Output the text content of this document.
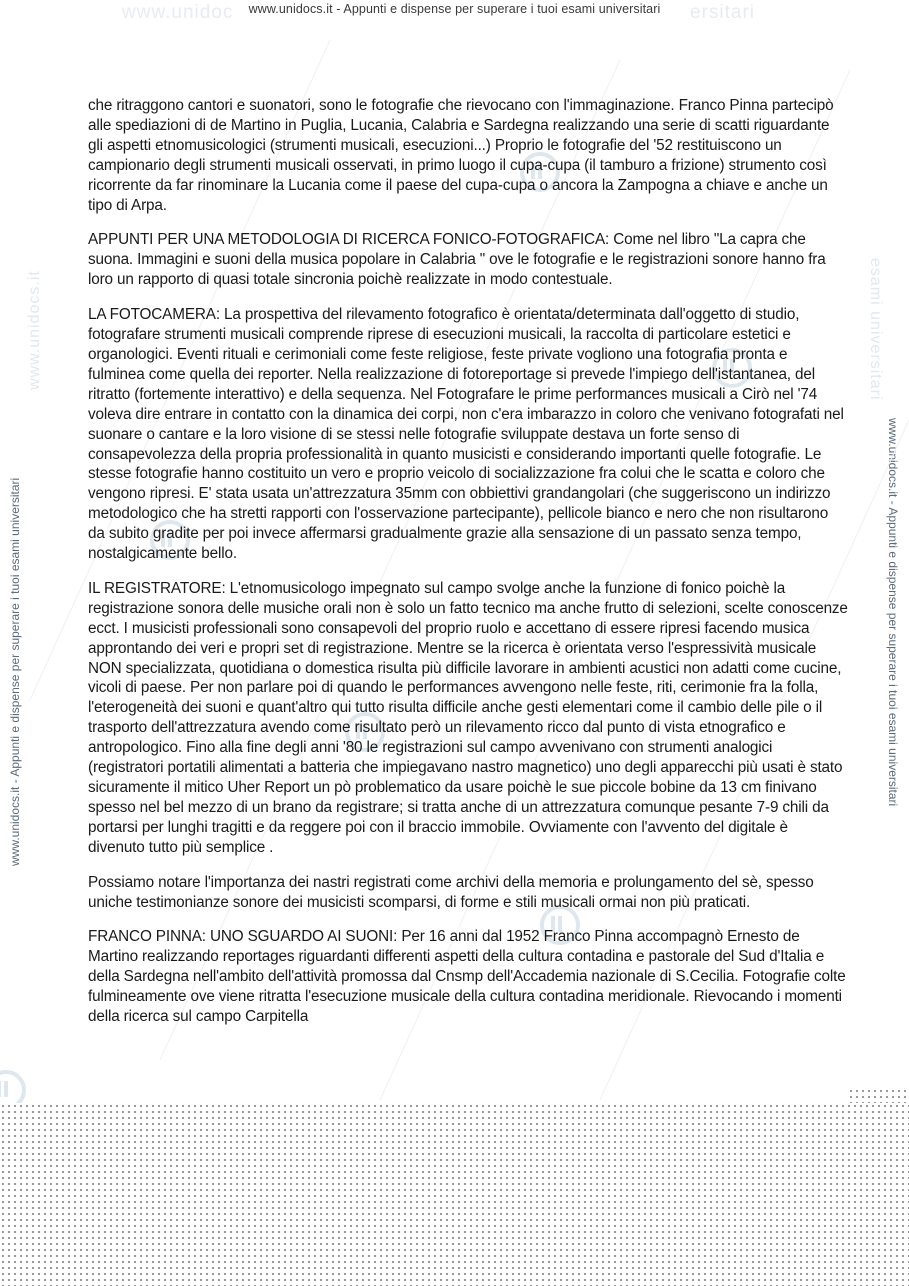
www.unidoc	ersitari
www.unidocs.it - Appunti e dispense per superare i tuoi esami universitari
www.unidocs.it	esami universitari
www.unidocs.it - Appunti e dispense per superare i tuoi esami universitari	www.unidocs.it - Appunti e dispense per superare i tuoi esami universitari

che ritraggono cantori e suonatori, sono le fotografie che rievocano con l'immaginazione. Franco Pinna partecipò alle spediazioni di de Martino in Puglia, Lucania, Calabria e Sardegna realizzando una serie di scatti riguardante gli aspetti etnomusicologici (strumenti musicali, esecuzioni...) Proprio le fotografie del '52 restituiscono un campionario degli strumenti musicali osservati, in primo luogo il cupa-cupa (il tamburo a frizione) strumento così ricorrente da far rinominare la Lucania come il paese del cupa-cupa o ancora la Zampogna a chiave e anche un tipo di Arpa.

APPUNTI PER UNA METODOLOGIA DI RICERCA FONICO-FOTOGRAFICA: Come nel libro "La capra che suona. Immagini e suoni della musica popolare in Calabria " ove le fotografie e le registrazioni sonore hanno fra loro un rapporto di quasi totale sincronia poichè realizzate in modo contestuale.

LA FOTOCAMERA: La prospettiva del rilevamento fotografico è orientata/determinata dall'oggetto di studio, fotografare strumenti musicali comprende riprese di esecuzioni musicali, la raccolta di particolare estetici e organologici. Eventi rituali e cerimoniali come feste religiose, feste private vogliono una fotografia pronta e fulminea come quella dei reporter. Nella realizzazione di fotoreportage si prevede l'impiego dell'istantanea, del ritratto (fortemente interattivo) e della sequenza. Nel Fotografare le prime performances musicali a Cirò nel '74 voleva dire entrare in contatto con la dinamica dei corpi, non c'era imbarazzo in coloro che venivano fotografati nel suonare o cantare e la loro visione di se stessi nelle fotografie sviluppate destava un forte senso di consapevolezza della propria professionalità in quanto musicisti e considerando importanti quelle fotografie. Le stesse fotografie hanno costituito un vero e proprio veicolo di socializzazione fra colui che le scatta e coloro che vengono ripresi. E' stata usata un'attrezzatura 35mm con obbiettivi grandangolari (che suggeriscono un indirizzo metodologico che ha stretti rapporti con l'osservazione partecipante), pellicole bianco e nero che non risultarono da subito gradite per poi invece affermarsi gradualmente grazie alla sensazione di un passato senza tempo, nostalgicamente bello.

IL REGISTRATORE: L'etnomusicologo impegnato sul campo svolge anche la funzione di fonico poichè la registrazione sonora delle musiche orali non è solo un fatto tecnico ma anche frutto di selezioni, scelte conoscenze ecct. I musicisti professionali sono consapevoli del proprio ruolo e accettano di essere ripresi facendo musica approntando dei veri e propri set di registrazione. Mentre se la ricerca è orientata verso l'espressività musicale NON specializzata, quotidiana o domestica risulta più difficile lavorare in ambienti acustici non adatti come cucine, vicoli di paese. Per non parlare poi di quando le performances avvengono nelle feste, riti, cerimonie fra la folla, l'eterogeneità dei suoni e quant'altro qui tutto risulta difficile anche gesti elementari come il cambio delle pile o il trasporto dell'attrezzatura avendo come risultato però un rilevamento ricco dal punto di vista etnografico e antropologico. Fino alla fine degli anni '80 le registrazioni sul campo avvenivano con strumenti analogici (registratori portatili alimentati a batteria che impiegavano nastro magnetico) uno degli apparecchi più usati è stato sicuramente il mitico Uher Report un pò problematico da usare poichè le sue piccole bobine da 13 cm finivano spesso nel bel mezzo di un brano da registrare; si tratta anche di un attrezzatura comunque pesante 7-9 chili da portarsi per lunghi tragitti e da reggere poi con il braccio immobile. Ovviamente con l'avvento del digitale è divenuto tutto più semplice .

Possiamo notare l'importanza dei nastri registrati come archivi della memoria e prolungamento del sè, spesso uniche testimonianze sonore dei musicisti scomparsi, di forme e stili musicali ormai non più praticati.

FRANCO PINNA: UNO SGUARDO AI SUONI: Per 16 anni dal 1952 Franco Pinna accompagnò Ernesto de Martino realizzando reportages riguardanti differenti aspetti della cultura contadina e pastorale del Sud d'Italia e della Sardegna nell'ambito dell'attività promossa dal Cnsmp dell'Accademia nazionale di S.Cecilia. Fotografie colte fulmineamente ove viene ritratta l'esecuzione musicale della cultura contadina meridionale. Rievocando i momenti della ricerca sul campo Carpitella
